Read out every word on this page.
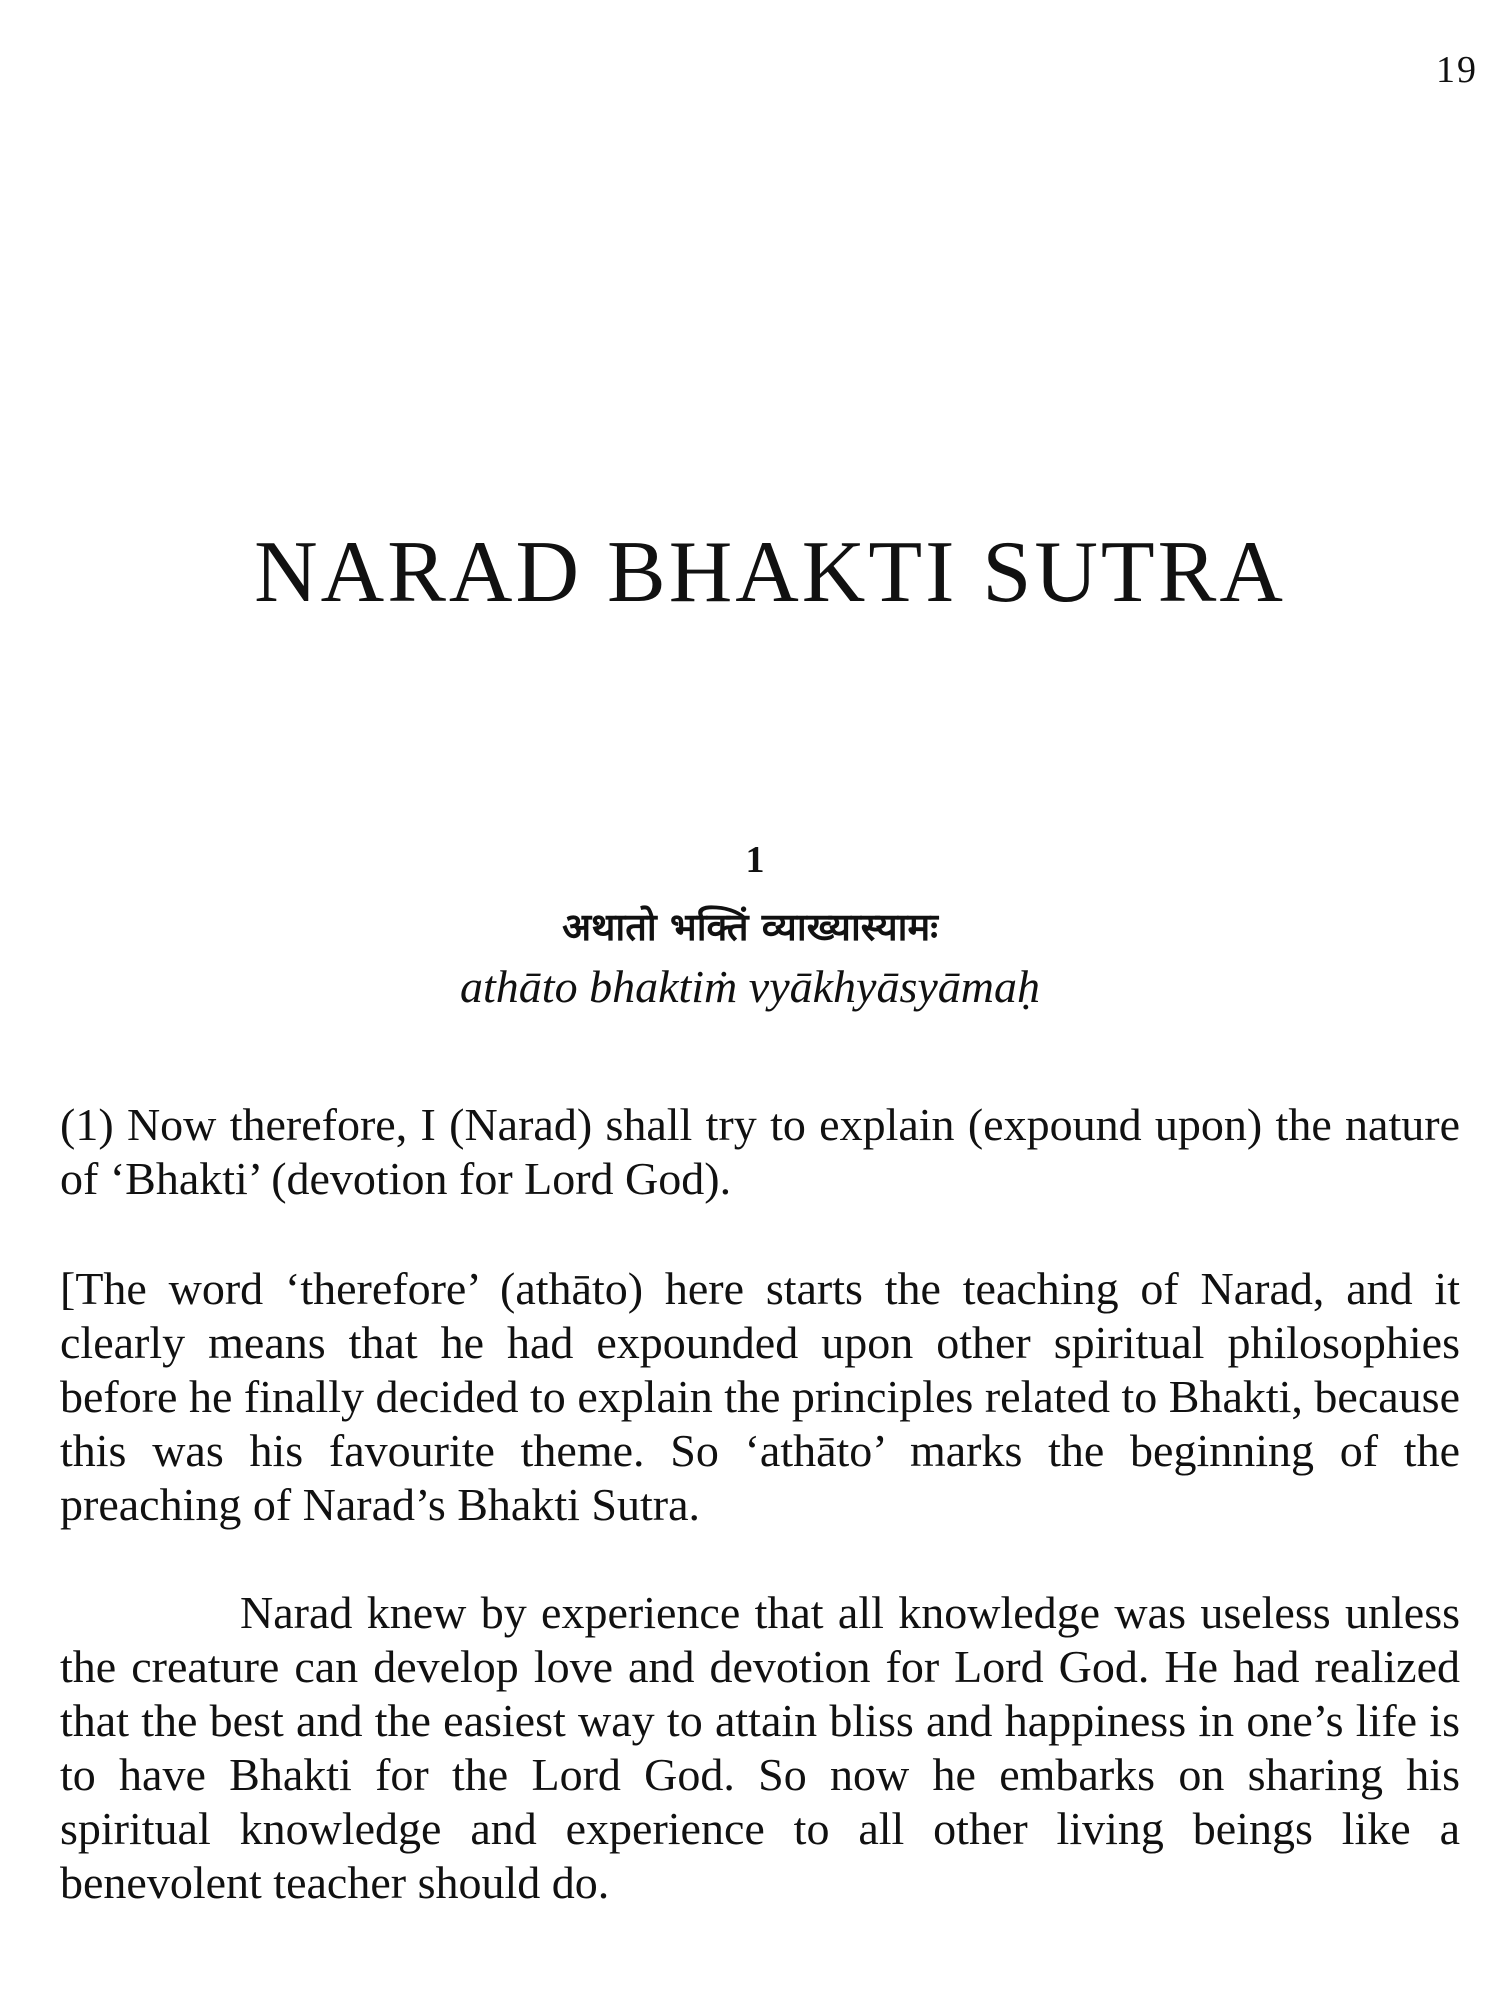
19
NARAD BHAKTI SUTRA
1
अथातो भक्तिं व्याख्यास्यामः
athāto bhaktiṁ vyākhyāsyāmaḥ

(1) Now therefore, I (Narad) shall try to explain (expound upon) the nature of ‘Bhakti’ (devotion for Lord God).

[The word ‘therefore’ (athāto) here starts the teaching of Narad, and it clearly means that he had expounded upon other spiritual philosophies before he finally decided to explain the principles related to Bhakti, because this was his favourite theme. So ‘athāto’ marks the beginning of the preaching of Narad’s Bhakti Sutra.

Narad knew by experience that all knowledge was useless unless the creature can develop love and devotion for Lord God. He had realized that the best and the easiest way to attain bliss and happiness in one’s life is to have Bhakti for the Lord God. So now he embarks on sharing his spiritual knowledge and experience to all other living beings like a benevolent teacher should do.
